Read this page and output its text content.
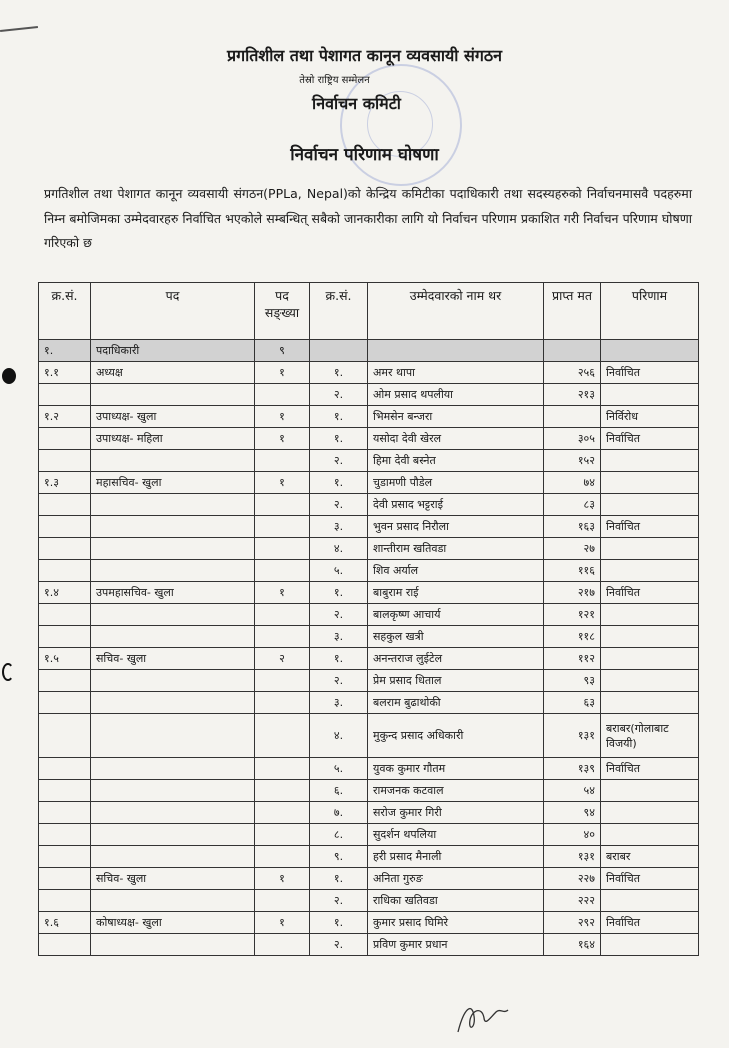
प्रगतिशील तथा पेशागत कानून व्यवसायी संगठन
तेस्रो राष्ट्रिय सम्मेलन
निर्वाचन कमिटी
निर्वाचन परिणाम घोषणा
प्रगतिशील तथा पेशागत कानून व्यवसायी संगठन(PPLa, Nepal)को केन्द्रिय कमिटीका पदाधिकारी तथा सदस्यहरुको निर्वाचनमासवै पदहरुमा निम्न बमोजिमका उम्मेदवारहरु निर्वाचित भएकोले सम्बन्धित् सबैको जानकारीका लागि यो निर्वाचन परिणाम प्रकाशित गरी निर्वाचन परिणाम घोषणा गरिएको छ
क्र.सं.	पद	पद सङ्ख्या	क्र.सं.	उम्मेदवारको नाम थर	प्राप्त मत	परिणाम
१.	पदाधिकारी	९				
१.१	अध्यक्ष	१	१.	अमर थापा	२५६	निर्वाचित
			२.	ओम प्रसाद थपलीया	२१३	
१.२	उपाध्यक्ष- खुला	१	१.	भिमसेन बन्जरा		निर्विरोध
	उपाध्यक्ष- महिला	१	१.	यसोदा देवी खेरल	३०५	निर्वाचित
			२.	हिमा देवी बस्नेत	१५२	
१.३	महासचिव- खुला	१	१.	चुडामणी पौडेल	७४	
			२.	देवी प्रसाद भट्टराई	८३	
			३.	भुवन प्रसाद निरौला	१६३	निर्वाचित
			४.	शान्तीराम खतिवडा	२७	
			५.	शिव अर्याल	११६	
१.४	उपमहासचिव- खुला	१	१.	बाबुराम राई	२१७	निर्वाचित
			२.	बालकृष्ण आचार्य	१२१	
			३.	सहकुल खत्री	११८	
१.५	सचिव- खुला	२	१.	अनन्तराज लुईटेल	११२	
			२.	प्रेम प्रसाद धिताल	९३	
			३.	बलराम बुढाथोकी	६३	
			४.	मुकुन्द प्रसाद अधिकारी	१३१	बराबर(गोलाबाट विजयी)
			५.	युवक कुमार गौतम	१३९	निर्वाचित
			६.	रामजनक कटवाल	५४	
			७.	सरोज कुमार गिरी	९४	
			८.	सुदर्शन थपलिया	४०	
			९.	हरी प्रसाद मैनाली	१३१	बराबर
	सचिव- खुला	१	१.	अनिता गुरुङ	२२७	निर्वाचित
			२.	राधिका खतिवडा	२२२	
१.६	कोषाध्यक्ष- खुला	१	१.	कुमार प्रसाद घिमिरे	२९२	निर्वाचित
			२.	प्रविण कुमार प्रधान	१६४	
